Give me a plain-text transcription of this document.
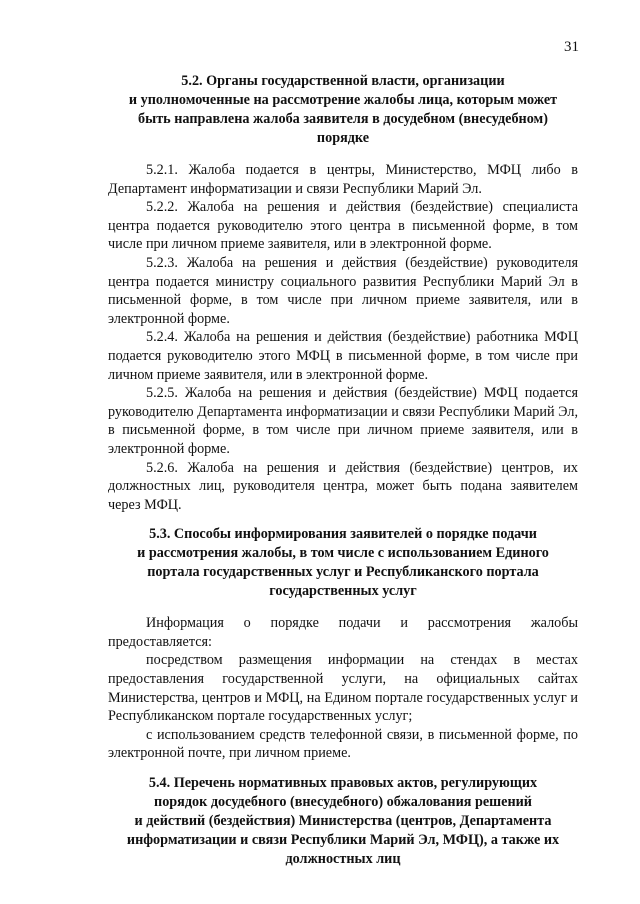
31
5.2. Органы государственной власти, организации
и уполномоченные на рассмотрение жалобы лица, которым может
быть направлена жалоба заявителя в досудебном (внесудебном)
порядке

5.2.1. Жалоба подается в центры, Министерство, МФЦ либо в Департамент информатизации и связи Республики Марий Эл.

5.2.2. Жалоба на решения и действия (бездействие) специалиста центра подается руководителю этого центра в письменной форме, в том числе при личном приеме заявителя, или в электронной форме.

5.2.3. Жалоба на решения и действия (бездействие) руководителя центра подается министру социального развития Республики Марий Эл в письменной форме, в том числе при личном приеме заявителя, или в электронной форме.

5.2.4. Жалоба на решения и действия (бездействие) работника МФЦ подается руководителю этого МФЦ в письменной форме, в том числе при личном приеме заявителя, или в электронной форме.

5.2.5. Жалоба на решения и действия (бездействие) МФЦ подается руководителю Департамента информатизации и связи Республики Марий Эл, в письменной форме, в том числе при личном приеме заявителя, или в электронной форме.

5.2.6. Жалоба на решения и действия (бездействие) центров, их должностных лиц, руководителя центра, может быть подана заявителем через МФЦ.

5.3. Способы информирования заявителей о порядке подачи
и рассмотрения жалобы, в том числе с использованием Единого
портала государственных услуг и Республиканского портала
государственных услуг

Информация о порядке подачи и рассмотрения жалобы предоставляется:

посредством размещения информации на стендах в местах предоставления государственной услуги, на официальных сайтах Министерства, центров и МФЦ, на Едином портале государственных услуг и Республиканском портале государственных услуг;

с использованием средств телефонной связи, в письменной форме, по электронной почте, при личном приеме.

5.4. Перечень нормативных правовых актов, регулирующих
порядок досудебного (внесудебного) обжалования решений
и действий (бездействия) Министерства (центров, Департамента
информатизации и связи Республики Марий Эл, МФЦ), а также их
должностных лиц
